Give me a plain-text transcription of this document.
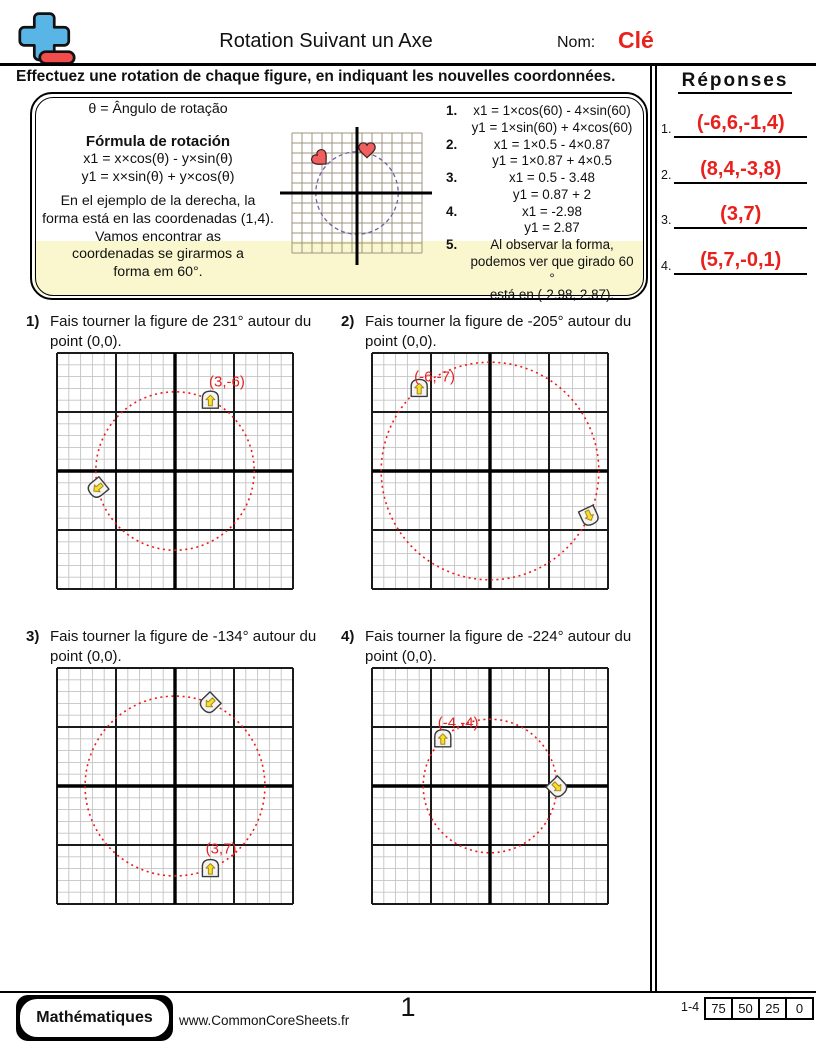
Rotation Suivant un Axe	Nom: Clé
Réponses
1.	(-6,6,-1,4)
2.	(8,4,-3,8)
3.	(3,7)
4.	(5,7,-0,1)
Effectuez une rotation de chaque figure, en indiquant les nouvelles coordonnées.
θ = Ângulo de rotação
Fórmula de rotación
x1 = x×cos(θ) - y×sin(θ)
y1 = x×sin(θ) + y×cos(θ)
En el ejemplo de la derecha, la forma está en las coordenadas (1,4).
Vamos encontrar as coordenadas se girarmos a forma em 60°.
1.	x1 = 1×cos(60) - 4×sin(60)
y1 = 1×sin(60) + 4×cos(60)
2.	x1 = 1×0.5 - 4×0.87
y1 = 1×0.87 + 4×0.5
3.	x1 = 0.5 - 3.48
y1 = 0.87 + 2
4.	x1 = -2.98
y1 = 2.87
5.	Al observar la forma,
podemos ver que girado 60 °
está en (-2.98, 2.87).
1) Fais tourner la figure de 231° autour du point (0,0).
(3,-6)
2) Fais tourner la figure de -205° autour du point (0,0).
(-6,-7)
3) Fais tourner la figure de -134° autour du point (0,0).
(3,7)
4) Fais tourner la figure de -224° autour du point (0,0).
(-4,-4)
Mathématiques	www.CommonCoreSheets.fr	1	1-4 75 50 25	0
